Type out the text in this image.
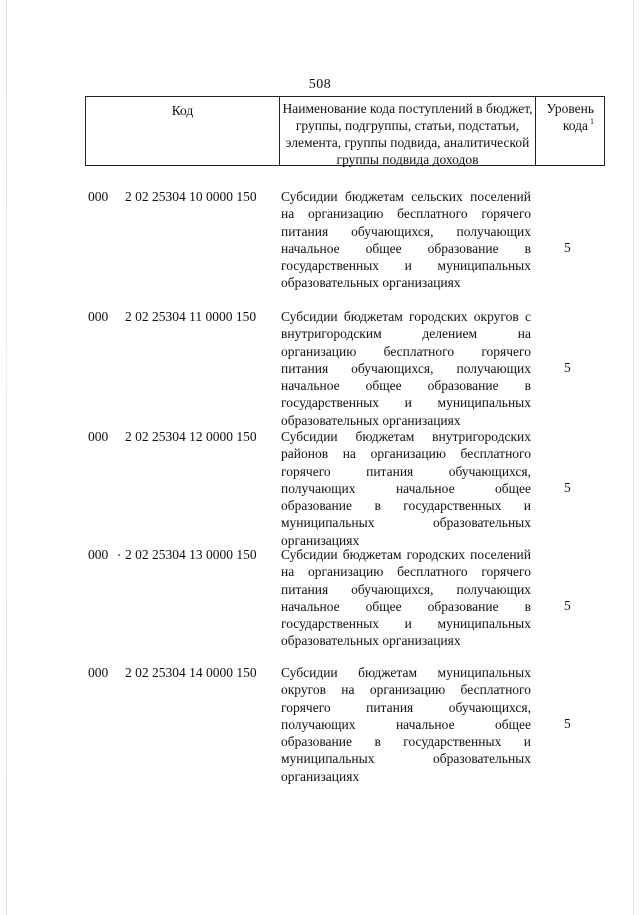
508
Код	Наименование кода поступлений в бюджет, группы, подгруппы, статьи, подстатьи, элемента, группы подвида, аналитической группы подвида доходов
Уровень кода $^1$
000 2 02 25304 10 0000 150 Субсидии бюджетам сельских поселений на организацию бесплатного горячего питания обучающихся, получающих начальное общее образование в государственных и муниципальных образовательных организациях
5
000 2 02 25304 11 0000 150 Субсидии бюджетам городских округов с внутригородским делением на организацию бесплатного горячего питания обучающихся, получающих начальное общее образование в государственных и муниципальных образовательных организациях
5
000 2 02 25304 12 0000 150 Субсидии бюджетам внутригородских районов на организацию бесплатного горячего питания обучающихся, получающих начальное общее образование в государственных и муниципальных образовательных организациях
5
000 2 02 25304 13 0000 150 Субсидии бюджетам городских поселений на организацию бесплатного горячего питания обучающихся, получающих начальное общее образование в государственных и муниципальных образовательных организациях
5
000 2 02 25304 14 0000 150 Субсидии бюджетам муниципальных округов на организацию бесплатного горячего питания обучающихся, получающих начальное общее образование в государственных и муниципальных образовательных организациях
5
